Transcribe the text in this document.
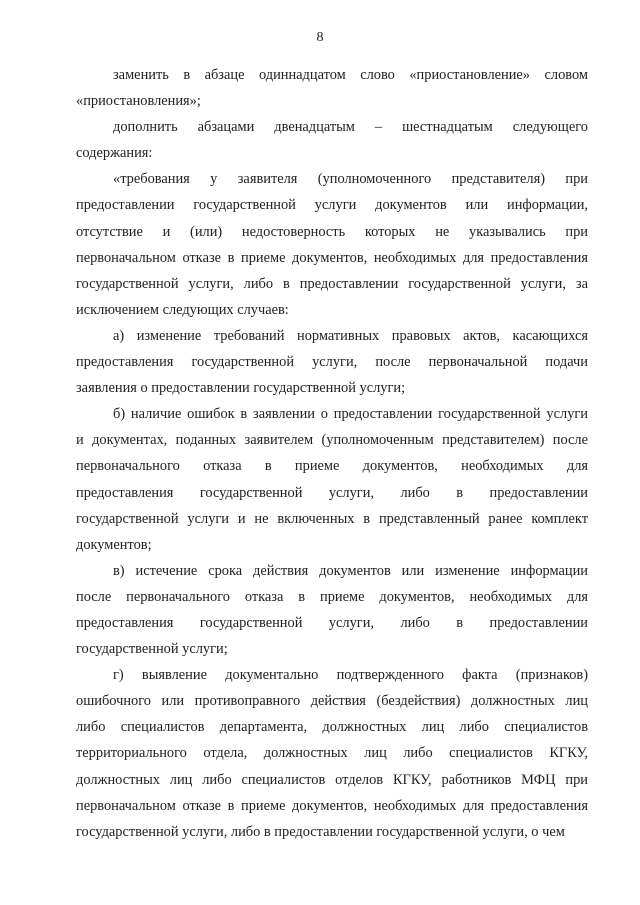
8

заменить в абзаце одиннадцатом слово «приостановление» словом
«приостановления»;

дополнить абзацами двенадцатым – шестнадцатым следующего
содержания:

«требования у заявителя (уполномоченного представителя) при
предоставлении государственной услуги документов или информации,
отсутствие и (или) недостоверность которых не указывались при
первоначальном отказе в приеме документов, необходимых для предоставления
государственной услуги, либо в предоставлении государственной услуги, за
исключением следующих случаев:

а) изменение требований нормативных правовых актов, касающихся
предоставления государственной услуги, после первоначальной подачи
заявления о предоставлении государственной услуги;

б) наличие ошибок в заявлении о предоставлении государственной услуги
и документах, поданных заявителем (уполномоченным представителем) после
первоначального отказа в приеме документов, необходимых для
предоставления государственной услуги, либо в предоставлении
государственной услуги и не включенных в представленный ранее комплект
документов;

в) истечение срока действия документов или изменение информации
после первоначального отказа в приеме документов, необходимых для
предоставления государственной услуги, либо в предоставлении
государственной услуги;

г) выявление документально подтвержденного факта (признаков)
ошибочного или противоправного действия (бездействия) должностных лиц
либо специалистов департамента, должностных лиц либо специалистов
территориального отдела, должностных лиц либо специалистов КГКУ,
должностных лиц либо специалистов отделов КГКУ, работников МФЦ при
первоначальном отказе в приеме документов, необходимых для предоставления
государственной услуги, либо в предоставлении государственной услуги, о чем
